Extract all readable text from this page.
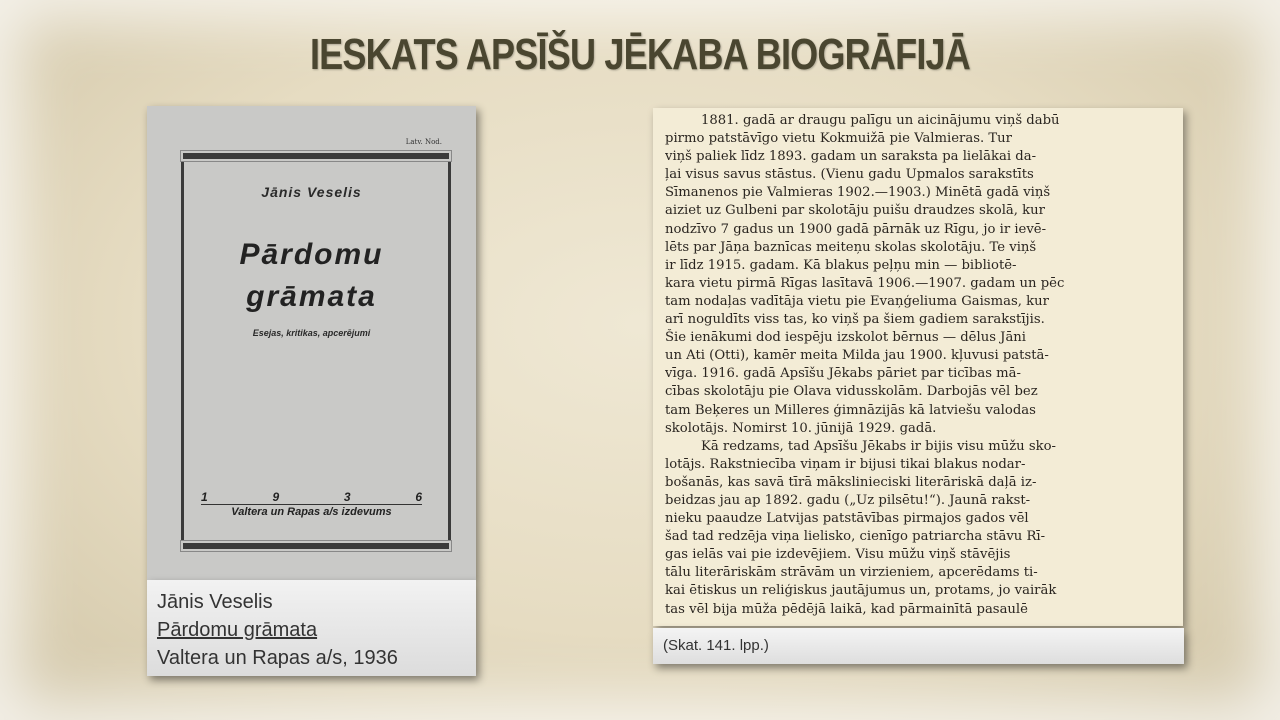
IESKATS APSĪŠU JĒKABA BIOGRĀFIJĀ
Latv. Nod.
Jānis Veselis
Pārdomu
grāmata
Esejas, kritikas, apcerējumi
1	9	3	6
Valtera un Rapas a/s izdevums
Jānis Veselis
Pārdomu grāmata
Valtera un Rapas a/s, 1936
1881. gadā ar draugu palīgu un aicinājumu viņš dabū
pirmo patstāvīgo vietu Kokmuižā pie Valmieras. Tur
viņš paliek līdz 1893. gadam un saraksta pa lielākai da-
ļai visus savus stāstus. (Vienu gadu Upmalos sarakstīts
Sīmanenos pie Valmieras 1902.—1903.) Minētā gadā viņš
aiziet uz Gulbeni par skolotāju puišu draudzes skolā, kur
nodzīvo 7 gadus un 1900 gadā pārnāk uz Rīgu, jo ir ievē-
lēts par Jāņa baznīcas meiteņu skolas skolotāju. Te viņš
ir līdz 1915. gadam. Kā blakus peļņu min — bibliotē-
kara vietu pirmā Rīgas lasītavā 1906.—1907. gadam un pēc
tam nodaļas vadītāja vietu pie Evaņģeliuma Gaismas, kur
arī noguldīts viss tas, ko viņš pa šiem gadiem sarakstījis.
Šie ienākumi dod iespēju izskolot bērnus — dēlus Jāni
un Ati (Otti), kamēr meita Milda jau 1900. kļuvusi patstā-
vīga. 1916. gadā Apsīšu Jēkabs pāriet par ticības mā-
cības skolotāju pie Olava vidusskolām. Darbojās vēl bez
tam Beķeres un Milleres ģimnāzijās kā latviešu valodas
skolotājs. Nomirst 10. jūnijā 1929. gadā.
Kā redzams, tad Apsīšu Jēkabs ir bijis visu mūžu sko-
lotājs. Rakstniecība viņam ir bijusi tikai blakus nodar-
bošanās, kas savā tīrā mākslinieciski literāriskā daļā iz-
beidzas jau ap 1892. gadu („Uz pilsētu!“). Jaunā rakst-
nieku paaudze Latvijas patstāvības pirmajos gados vēl
šad tad redzēja viņa lielisko, cienīgo patriarcha stāvu Rī-
gas ielās vai pie izdevējiem. Visu mūžu viņš stāvējis
tālu literāriskām strāvām un virzieniem, apcerēdams ti-
kai ētiskus un reliģiskus jautājumus un, protams, jo vairāk
tas vēl bija mūža pēdējā laikā, kad pārmainītā pasaulē
(Skat. 141. lpp.)
